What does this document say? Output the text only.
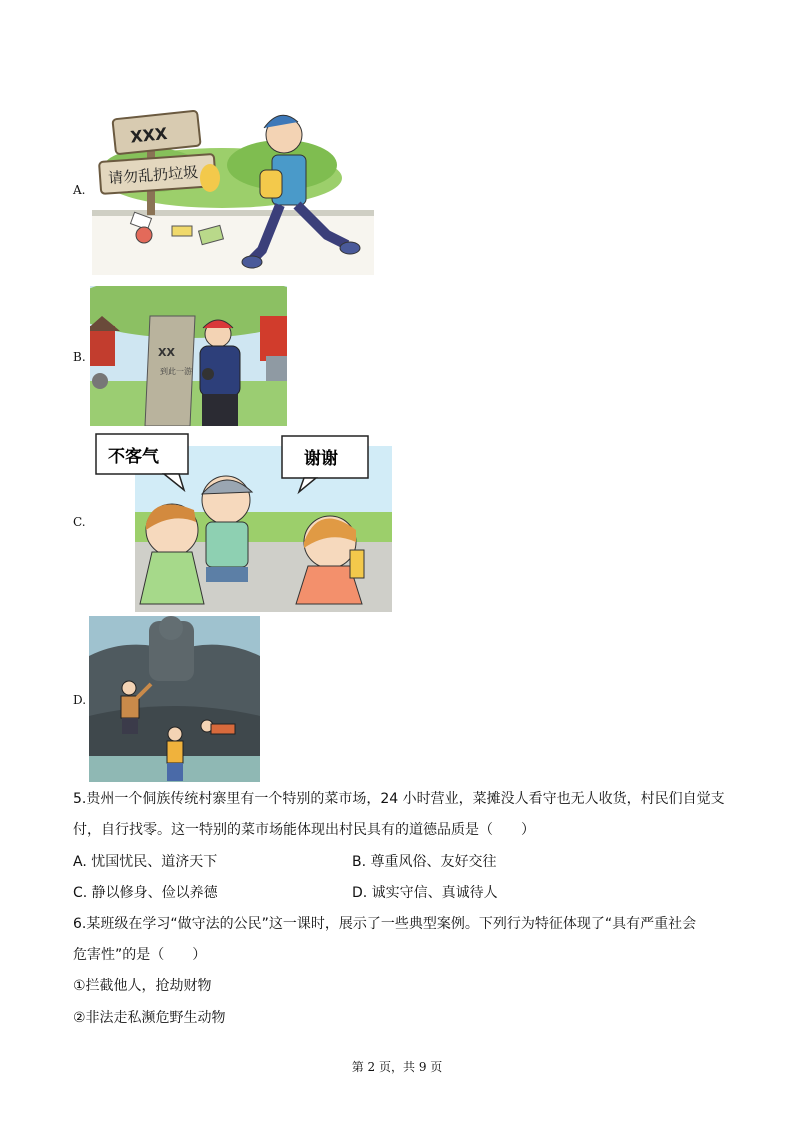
A.
XXX
请勿乱扔垃圾
B.	XX
到此一游
C.
不客气	谢谢
D.
5.贵州一个侗族传统村寨里有一个特别的菜市场，24 小时营业，菜摊没人看守也无人收货，村民们自觉支
付，自行找零。这一特别的菜市场能体现出村民具有的道德品质是（　　）
A. 忧国忧民、道济天下	B. 尊重风俗、友好交往
C. 静以修身、俭以养德	D. 诚实守信、真诚待人
6.某班级在学习“做守法的公民”这一课时，展示了一些典型案例。下列行为特征体现了“具有严重社会
危害性”的是（　　）
①拦截他人，抢劫财物
②非法走私濒危野生动物
第 2 页，共 9 页
